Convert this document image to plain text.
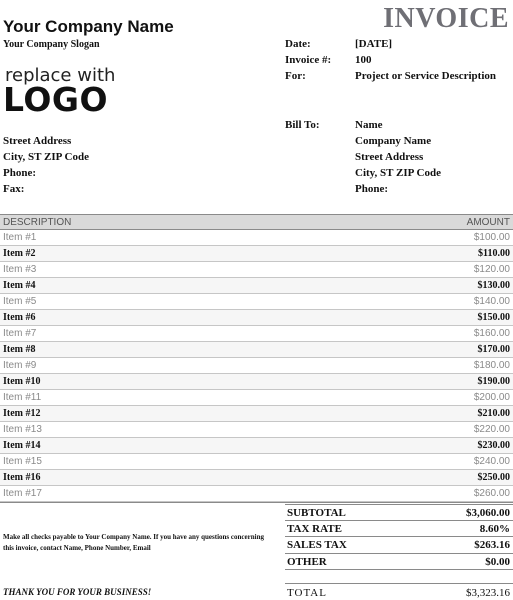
Your Company Name
Your Company Slogan
INVOICE
replace with
LOGO
Date:	[DATE]
Invoice #: 100
For:	Project or Service Description
Street Address
City, ST ZIP Code
Phone:
Fax:
Bill To:	Name
Company Name
Street Address
City, ST ZIP Code
Phone:
DESCRIPTION	AMOUNT
Item #1	$100.00
Item #2	$110.00
Item #3	$120.00
Item #4	$130.00
Item #5	$140.00
Item #6	$150.00
Item #7	$160.00
Item #8	$170.00
Item #9	$180.00
Item #10	$190.00
Item #11	$200.00
Item #12	$210.00
Item #13	$220.00
Item #14	$230.00
Item #15	$240.00
Item #16	$250.00
Item #17	$260.00
SUBTOTAL	$3,060.00
TAX RATE	8.60%
SALES TAX	$263.16
OTHER	$0.00
TOTAL	$3,323.16
Make all checks payable to Your Company Name. If you have any questions concerning this invoice, contact Name, Phone Number, Email
THANK YOU FOR YOUR BUSINESS!
